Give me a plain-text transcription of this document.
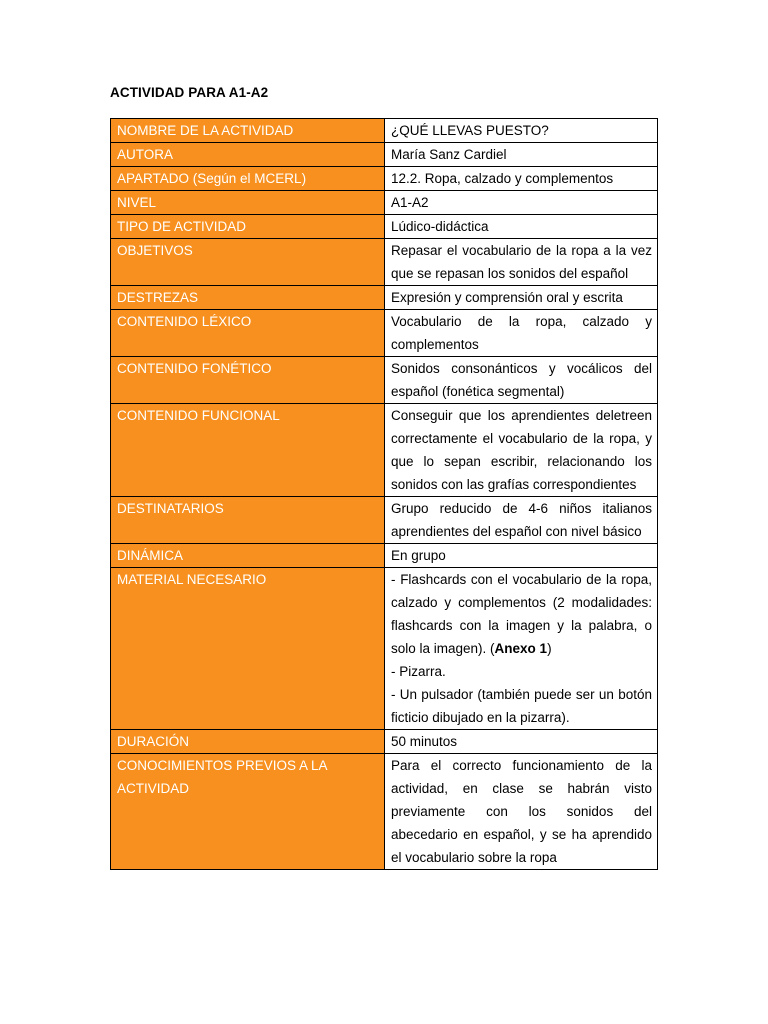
ACTIVIDAD PARA A1-A2
NOMBRE DE LA ACTIVIDAD	¿QUÉ LLEVAS PUESTO?
AUTORA	María Sanz Cardiel
APARTADO (Según el MCERL)	12.2. Ropa, calzado y complementos
NIVEL	A1-A2
TIPO DE ACTIVIDAD	Lúdico-didáctica
OBJETIVOS	Repasar el vocabulario de la ropa a la vez que se repasan los sonidos del español
DESTREZAS	Expresión y comprensión oral y escrita
CONTENIDO LÉXICO	Vocabulario de la ropa, calzado y complementos
CONTENIDO FONÉTICO	Sonidos consonánticos y vocálicos del español (fonética segmental)
CONTENIDO FUNCIONAL	Conseguir que los aprendientes deletreen correctamente el vocabulario de la ropa, y que lo sepan escribir, relacionando los sonidos con las grafías correspondientes
DESTINATARIOS	Grupo reducido de 4-6 niños italianos aprendientes del español con nivel básico
DINÁMICA	En grupo
MATERIAL NECESARIO	- Flashcards con el vocabulario de la ropa, calzado y complementos (2 modalidades: flashcards con la imagen y la palabra, o solo la imagen). (Anexo 1)

- Pizarra.

- Un pulsador (también puede ser un botón ficticio dibujado en la pizarra).

DURACIÓN	50 minutos
CONOCIMIENTOS PREVIOS A LA ACTIVIDAD	Para el correcto funcionamiento de la actividad, en clase se habrán visto previamente con los sonidos del abecedario en español, y se ha aprendido el vocabulario sobre la ropa
